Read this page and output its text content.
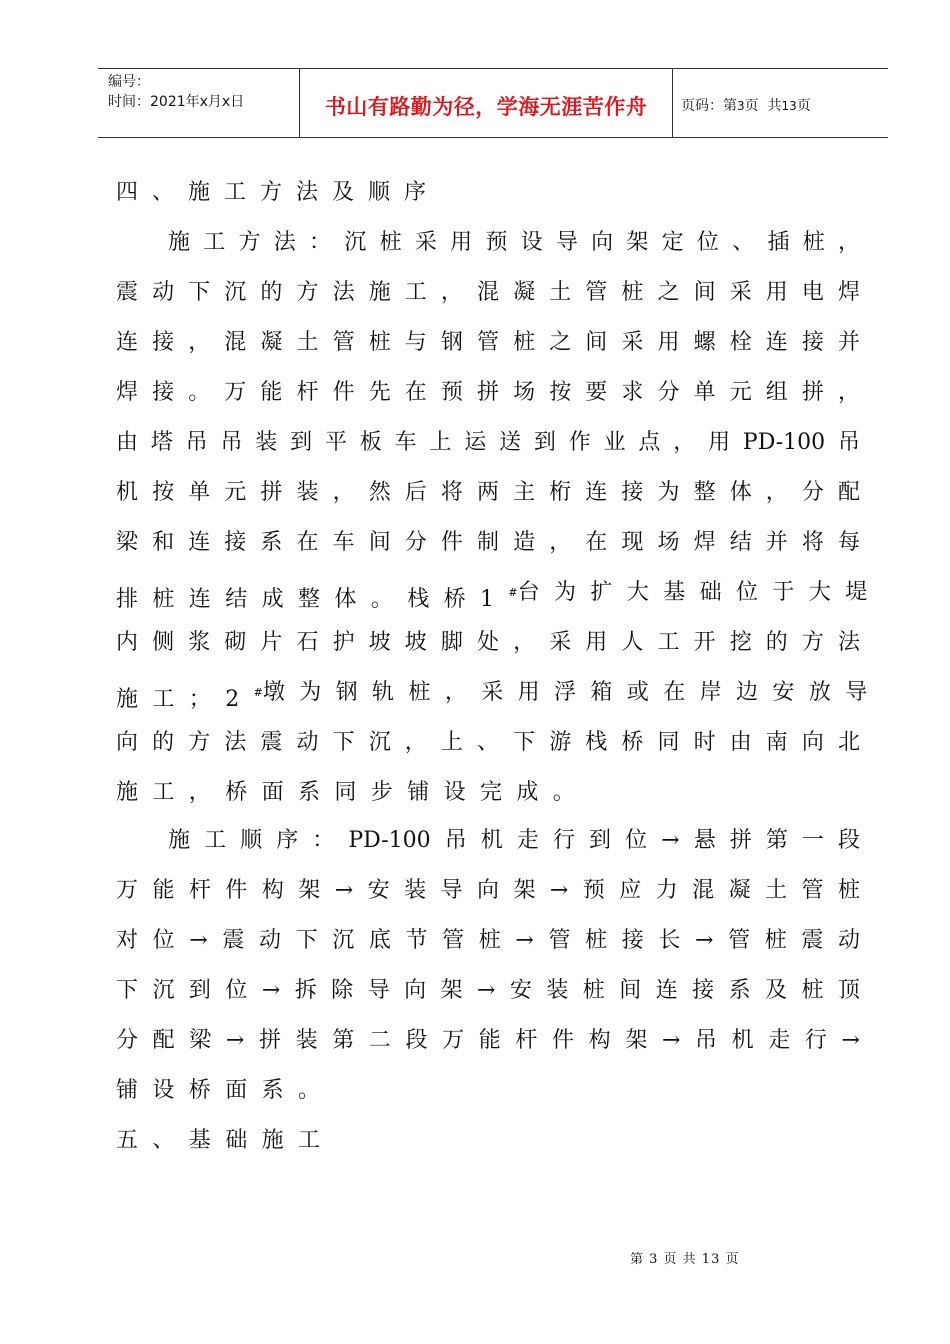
编号：
时间：2021年x月x日	书山有路勤为径，学海无涯苦作舟	页码：第3页  共13页
四、施工方法及顺序
施工方法：沉桩采用预设导向架定位、插桩，
震动下沉的方法施工，混凝土管桩之间采用电焊
连接，混凝土管桩与钢管桩之间采用螺栓连接并
焊接。万能杆件先在预拼场按要求分单元组拼，
由塔吊吊装到平板车上运送到作业点，用PD-100吊
机按单元拼装，然后将两主桁连接为整体，分配
梁和连接系在车间分件制造，在现场焊结并将每
排桩连结成整体。栈桥1# 台为扩大基础位于大堤
内侧浆砌片石护坡坡脚处，采用人工开挖的方法
施工；2# 墩为钢轨桩，采用浮箱或在岸边安放导
向的方法震动下沉，上、下游栈桥同时由南向北
施工，桥面系同步铺设完成。
施工顺序：PD-100吊机走行到位→悬拼第一段
万能杆件构架→安装导向架→预应力混凝土管桩
对位→震动下沉底节管桩→管桩接长→管桩震动
下沉到位→拆除导向架→安装桩间连接系及桩顶
分配梁→拼装第二段万能杆件构架→吊机走行→
铺设桥面系。
五、基础施工
第 3 页 共 13 页
